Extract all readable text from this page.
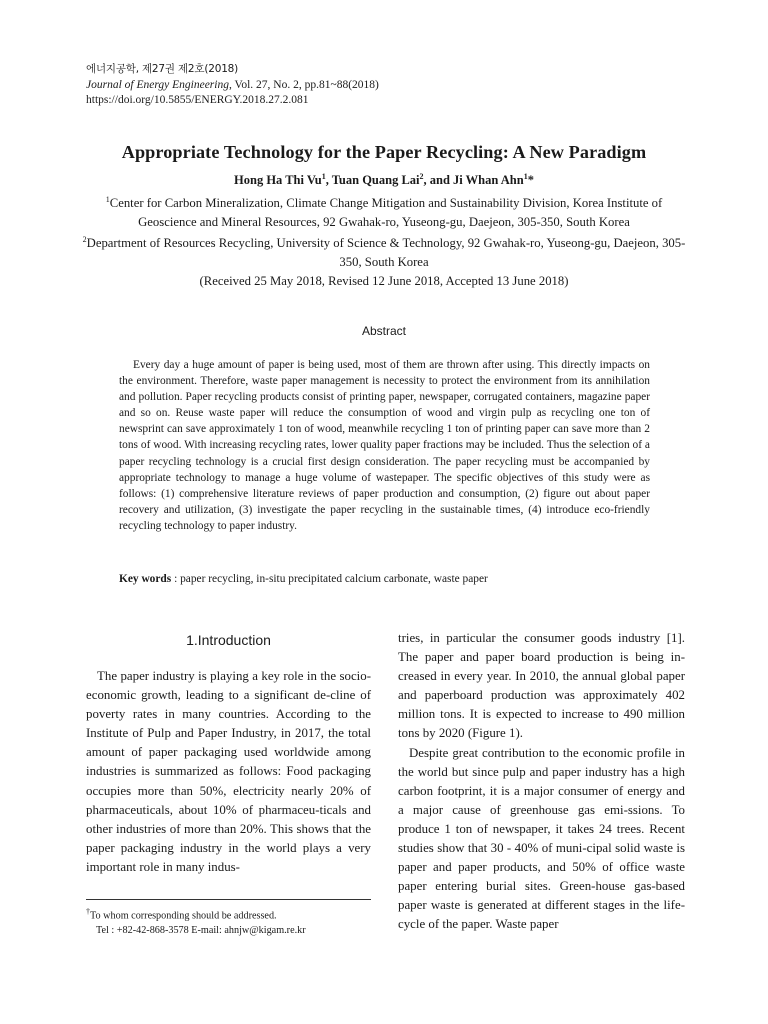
에너지공학, 제27권 제2호(2018)
Journal of Energy Engineering, Vol. 27, No. 2, pp.81~88(2018)
https://doi.org/10.5855/ENERGY.2018.27.2.081
Appropriate Technology for the Paper Recycling: A New Paradigm
Hong Ha Thi Vu$^1$, Tuan Quang Lai$^2$, and Ji Whan Ahn$^1$*
$^1$Center for Carbon Mineralization, Climate Change Mitigation and Sustainability Division, Korea Institute of Geoscience and Mineral Resources, 92 Gwahak-ro, Yuseong-gu, Daejeon, 305-350, South Korea
$^2$Department of Resources Recycling, University of Science & Technology, 92 Gwahak-ro, Yuseong-gu, Daejeon, 305-350, South Korea
(Received 25 May 2018, Revised 12 June 2018, Accepted 13 June 2018)
Abstract
Every day a huge amount of paper is being used, most of them are thrown after using. This directly impacts on the environment. Therefore, waste paper management is necessity to protect the environment from its annihilation and pollution. Paper recycling products consist of printing paper, newspaper, corrugated containers, magazine paper and so on. Reuse waste paper will reduce the consumption of wood and virgin pulp as recycling one ton of newsprint can save approximately 1 ton of wood, meanwhile recycling 1 ton of printing paper can save more than 2 tons of wood. With increasing recycling rates, lower quality paper fractions may be included. Thus the selection of a paper recycling technology is a crucial first design consideration. The paper recycling must be accompanied by appropriate technology to manage a huge volume of wastepaper. The specific objectives of this study were as follows: (1) comprehensive literature reviews of paper production and consumption, (2) figure out about paper recovery and utilization, (3) investigate the paper recycling in the sustainable times, (4) introduce eco-friendly recycling technology to paper industry.
Key words : paper recycling, in-situ precipitated calcium carbonate, waste paper
1.Introduction

The paper industry is playing a key role in the socio-economic growth, leading to a significant de-cline of poverty rates in many countries. According to the Institute of Pulp and Paper Industry, in 2017, the total amount of paper packaging used worldwide among industries is summarized as follows: Food packaging occupies more than 50%, electricity nearly 20% of pharmaceuticals, about 10% of pharmaceu-ticals and other industries of more than 20%. This shows that the paper packaging industry in the world plays a very important role in many indus-

tries, in particular the consumer goods industry [1]. The paper and paper board production is being in-creased in every year. In 2010, the annual global paper and paperboard production was approximately 402 million tons. It is expected to increase to 490 million tons by 2020 (Figure 1).

Despite great contribution to the economic profile in the world but since pulp and paper industry has a high carbon footprint, it is a major consumer of energy and a major cause of greenhouse gas emi-ssions. To produce 1 ton of newspaper, it takes 24 trees. Recent studies show that 30 - 40% of muni-cipal solid waste is paper and paper products, and 50% of office waste paper entering burial sites. Green-house gas-based paper waste is generated at different stages in the life-cycle of the paper. Waste paper

†To whom corresponding should be addressed.
Tel : +82-42-868-3578 E-mail: ahnjw@kigam.re.kr
